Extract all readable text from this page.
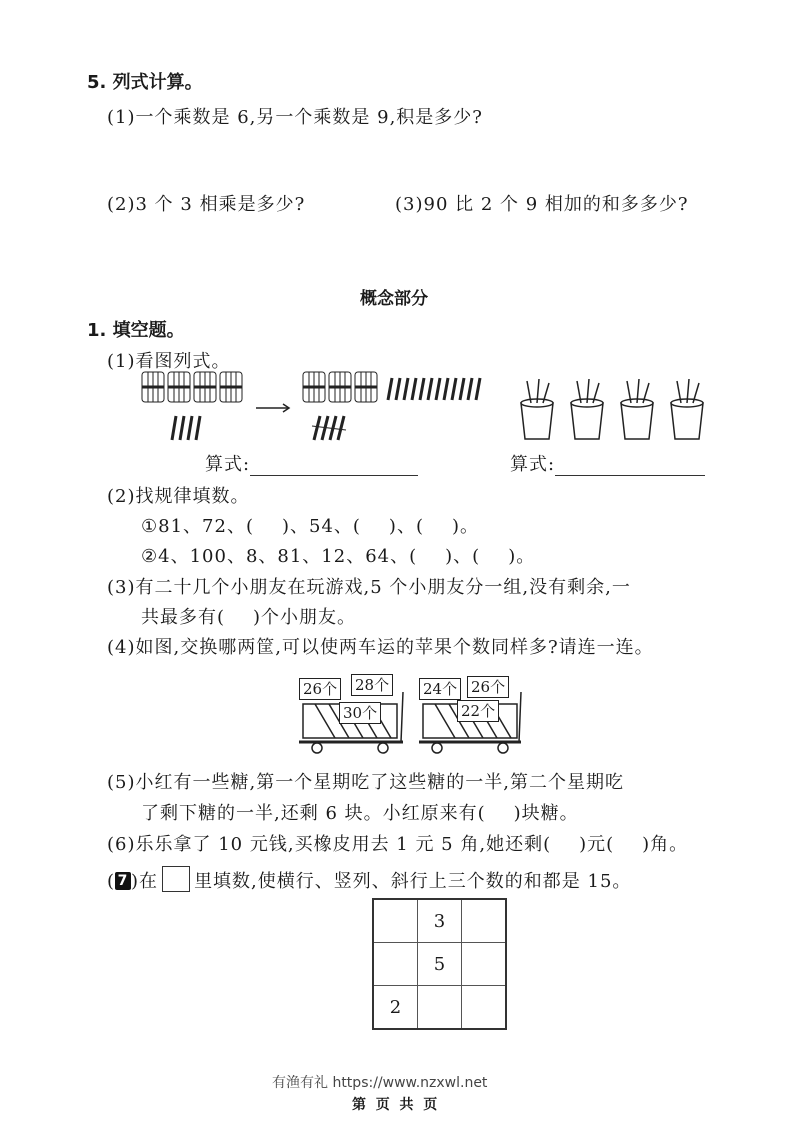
5. 列式计算。
(1)一个乘数是 6,另一个乘数是 9,积是多少?
(2)3 个 3 相乘是多少?	(3)90 比 2 个 9 相加的和多多少?
概念部分
1. 填空题。
(1)看图列式。
算式:	算式:
(2)找规律填数。
①81、72、( )、54、( )、( )。
②4、100、8、81、12、64、( )、( )。
(3)有二十几个小朋友在玩游戏,5 个小朋友分一组,没有剩余,一
共最多有( )个小朋友。
(4)如图,交换哪两筐,可以使两车运的苹果个数同样多?请连一连。
26个 28个
30个
24个 26个
22个
(5)小红有一些糖,第一个星期吃了这些糖的一半,第二个星期吃
了剩下糖的一半,还剩 6 块。小红原来有( )块糖。
(6)乐乐拿了 10 元钱,买橡皮用去 1 元 5 角,她还剩( )元( )角。
( 7 )在 里填数,使横行、竖列、斜行上三个数的和都是 15。
	3	
	5	
2		
有渔有礼 https://www.nzxwl.net
第  页  共  页
